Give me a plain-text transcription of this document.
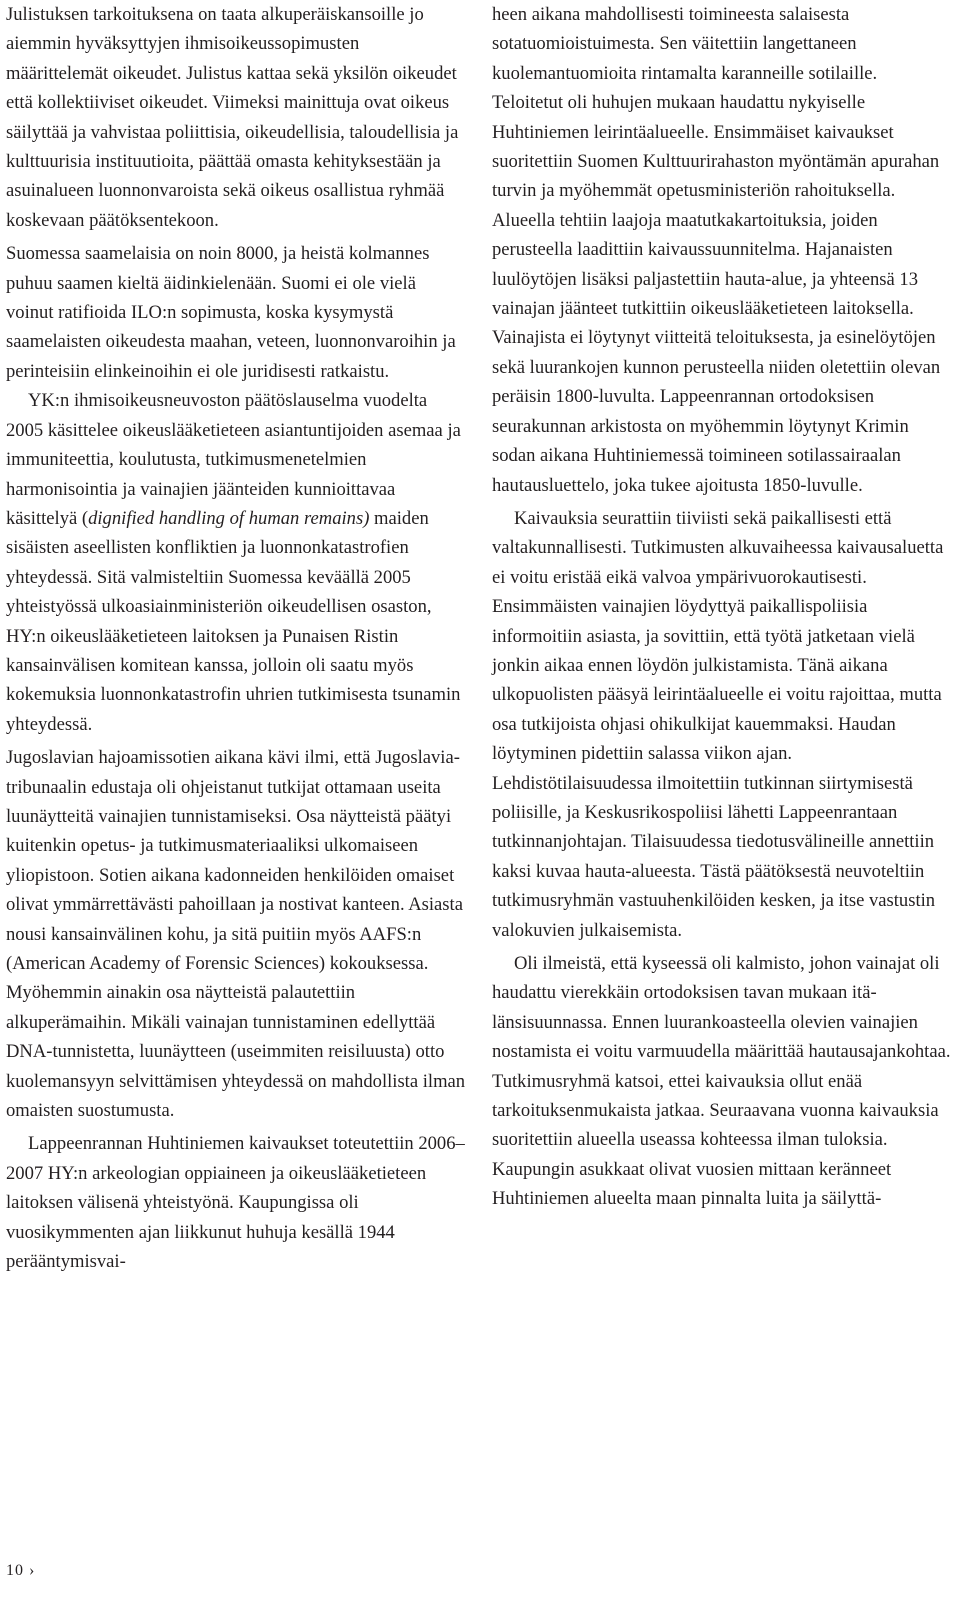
Julistuksen tarkoituksena on taata alkuperäiskansoille jo aiemmin hyväksyttyjen ihmisoikeussopimusten määrittelemät oikeudet. Julistus kattaa sekä yksilön oikeudet että kollektiiviset oikeudet. Viimeksi mainittuja ovat oikeus säilyttää ja vahvistaa poliittisia, oikeudellisia, taloudellisia ja kulttuurisia instituutioita, päättää omasta kehityksestään ja asuinalueen luonnonvaroista sekä oikeus osallistua ryhmää koskevaan päätöksentekoon.

Suomessa saamelaisia on noin 8000, ja heistä kolmannes puhuu saamen kieltä äidinkielenään. Suomi ei ole vielä voinut ratifioida ILO:n sopimusta, koska kysymystä saamelaisten oikeudesta maahan, veteen, luonnonvaroihin ja perinteisiin elinkeinoihin ei ole juridisesti ratkaistu.

YK:n ihmisoikeusneuvoston päätöslauselma vuodelta 2005 käsittelee oikeuslääketieteen asiantuntijoiden asemaa ja immuniteettia, koulutusta, tutkimusmenetelmien harmonisointia ja vainajien jäänteiden kunnioittavaa käsittelyä (dignified handling of human remains) maiden sisäisten aseellisten konfliktien ja luonnonkatastrofien yhteydessä. Sitä valmisteltiin Suomessa keväällä 2005 yhteistyössä ulkoasiainministeriön oikeudellisen osaston, HY:n oikeuslääketieteen laitoksen ja Punaisen Ristin kansainvälisen komitean kanssa, jolloin oli saatu myös kokemuksia luonnonkatastrofin uhrien tutkimisesta tsunamin yhteydessä.

Jugoslavian hajoamissotien aikana kävi ilmi, että Jugoslavia-tribunaalin edustaja oli ohjeistanut tutkijat ottamaan useita luunäytteitä vainajien tunnistamiseksi. Osa näytteistä päätyi kuitenkin opetus- ja tutkimusmateriaaliksi ulkomaiseen yliopistoon. Sotien aikana kadonneiden henkilöiden omaiset olivat ymmärrettävästi pahoillaan ja nostivat kanteen. Asiasta nousi kansainvälinen kohu, ja sitä puitiin myös AAFS:n (American Academy of Forensic Sciences) kokouksessa. Myöhemmin ainakin osa näytteistä palautettiin alkuperämaihin. Mikäli vainajan tunnistaminen edellyttää DNA-tunnistetta, luunäytteen (useimmiten reisiluusta) otto kuolemansyyn selvittämisen yhteydessä on mahdollista ilman omaisten suostumusta.

Lappeenrannan Huhtiniemen kaivaukset toteutettiin 2006–2007 HY:n arkeologian oppiaineen ja oikeuslääketieteen laitoksen välisenä yhteistyönä. Kaupungissa oli vuosikymmenten ajan liikkunut huhuja kesällä 1944 perääntymisvai-

heen aikana mahdollisesti toimineesta salaisesta sotatuomioistuimesta. Sen väitettiin langettaneen kuolemantuomioita rintamalta karanneille sotilaille. Teloitetut oli huhujen mukaan haudattu nykyiselle Huhtiniemen leirintäalueelle. Ensimmäiset kaivaukset suoritettiin Suomen Kulttuurirahaston myöntämän apurahan turvin ja myöhemmät opetusministeriön rahoituksella. Alueella tehtiin laajoja maatutkakartoituksia, joiden perusteella laadittiin kaivaussuunnitelma. Hajanaisten luulöytöjen lisäksi paljastettiin hauta-alue, ja yhteensä 13 vainajan jäänteet tutkittiin oikeuslääketieteen laitoksella. Vainajista ei löytynyt viitteitä teloituksesta, ja esinelöytöjen sekä luurankojen kunnon perusteella niiden oletettiin olevan peräisin 1800-luvulta. Lappeenrannan ortodoksisen seurakunnan arkistosta on myöhemmin löytynyt Krimin sodan aikana Huhtiniemessä toimineen sotilassairaalan hautausluettelo, joka tukee ajoitusta 1850-luvulle.

Kaivauksia seurattiin tiiviisti sekä paikallisesti että valtakunnallisesti. Tutkimusten alkuvaiheessa kaivausaluetta ei voitu eristää eikä valvoa ympärivuorokautisesti. Ensimmäisten vainajien löydyttyä paikallispoliisia informoitiin asiasta, ja sovittiin, että työtä jatketaan vielä jonkin aikaa ennen löydön julkistamista. Tänä aikana ulkopuolisten pääsyä leirintäalueelle ei voitu rajoittaa, mutta osa tutkijoista ohjasi ohikulkijat kauemmaksi. Haudan löytyminen pidettiin salassa viikon ajan. Lehdistötilaisuudessa ilmoitettiin tutkinnan siirtymisestä poliisille, ja Keskusrikospoliisi lähetti Lappeenrantaan tutkinnanjohtajan. Tilaisuudessa tiedotusvälineille annettiin kaksi kuvaa hauta-alueesta. Tästä päätöksestä neuvoteltiin tutkimusryhmän vastuuhenkilöiden kesken, ja itse vastustin valokuvien julkaisemista.

Oli ilmeistä, että kyseessä oli kalmisto, johon vainajat oli haudattu vierekkäin ortodoksisen tavan mukaan itä-länsisuunnassa. Ennen luurankoasteella olevien vainajien nostamista ei voitu varmuudella määrittää hautausajankohtaa. Tutkimusryhmä katsoi, ettei kaivauksia ollut enää tarkoituksenmukaista jatkaa. Seuraavana vuonna kaivauksia suoritettiin alueella useassa kohteessa ilman tuloksia. Kaupungin asukkaat olivat vuosien mittaan keränneet Huhtiniemen alueelta maan pinnalta luita ja säilyttä-

10 ›
